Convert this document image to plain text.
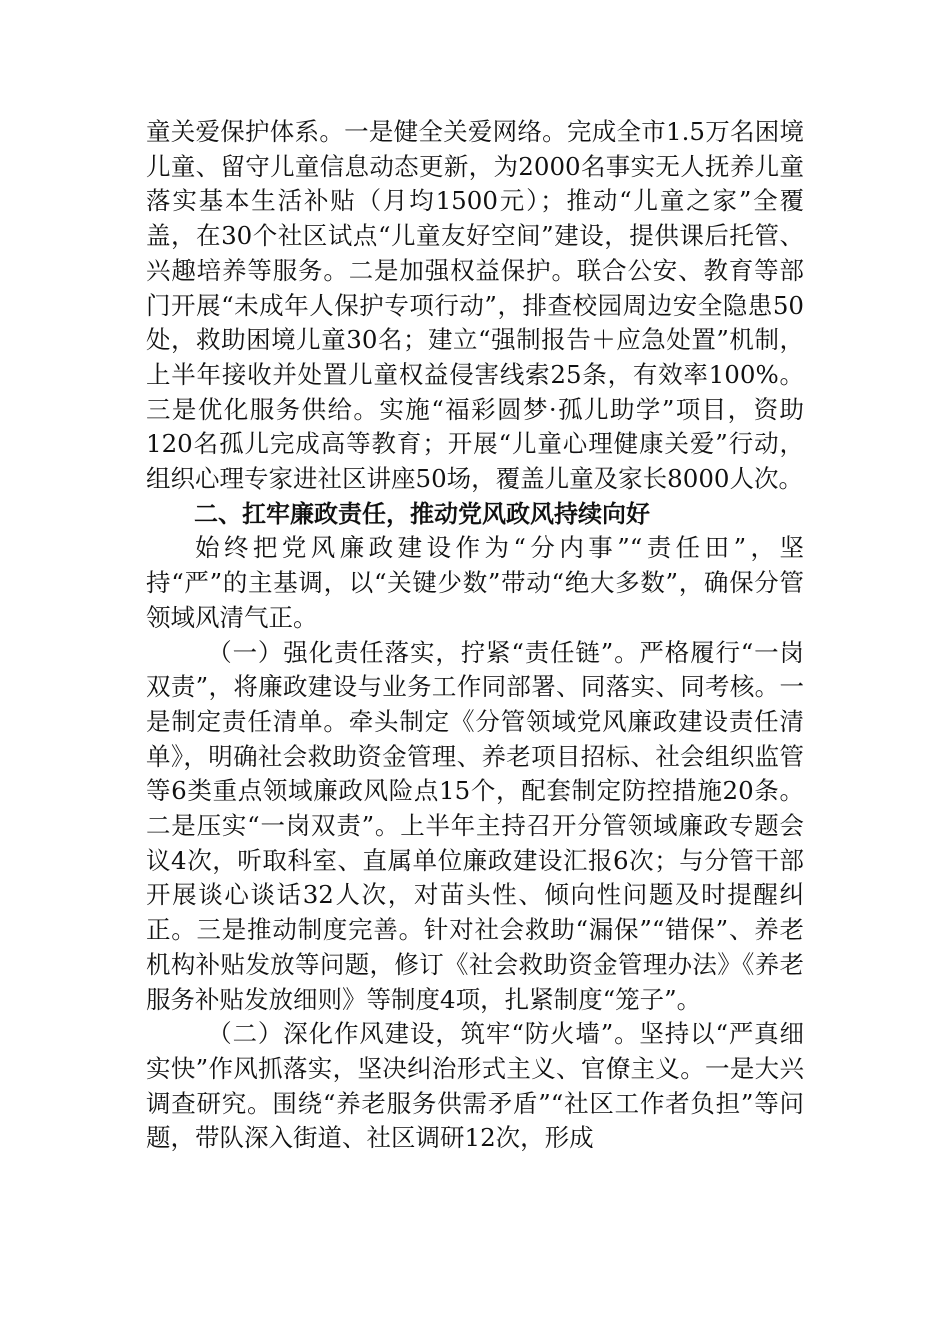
童关爱保护体系。一是健全关爱网络。完成全市1.5万名困境儿童、留守儿童信息动态更新，为2000名事实无人抚养儿童落实基本生活补贴（月均1500元）；推动“儿童之家”全覆盖，在30个社区试点“儿童友好空间”建设，提供课后托管、兴趣培养等服务。二是加强权益保护。联合公安、教育等部门开展“未成年人保护专项行动”，排查校园周边安全隐患50处，救助困境儿童30名；建立“强制报告＋应急处置”机制，上半年接收并处置儿童权益侵害线索25条，有效率100%。三是优化服务供给。实施“福彩圆梦·孤儿助学”项目，资助120名孤儿完成高等教育；开展“儿童心理健康关爱”行动，组织心理专家进社区讲座50场，覆盖儿童及家长8000人次。

二、扛牢廉政责任，推动党风政风持续向好

始终把党风廉政建设作为“分内事”“责任田”，坚持“严”的主基调，以“关键少数”带动“绝大多数”，确保分管领域风清气正。

（一）强化责任落实，拧紧“责任链”。严格履行“一岗双责”，将廉政建设与业务工作同部署、同落实、同考核。一是制定责任清单。牵头制定《分管领域党风廉政建设责任清单》，明确社会救助资金管理、养老项目招标、社会组织监管等6类重点领域廉政风险点15个，配套制定防控措施20条。二是压实“一岗双责”。上半年主持召开分管领域廉政专题会议4次，听取科室、直属单位廉政建设汇报6次；与分管干部开展谈心谈话32人次，对苗头性、倾向性问题及时提醒纠正。三是推动制度完善。针对社会救助“漏保”“错保”、养老机构补贴发放等问题，修订《社会救助资金管理办法》《养老服务补贴发放细则》等制度4项，扎紧制度“笼子”。

（二）深化作风建设，筑牢“防火墙”。坚持以“严真细实快”作风抓落实，坚决纠治形式主义、官僚主义。一是大兴调查研究。围绕“养老服务供需矛盾”“社区工作者负担”等问题，带队深入街道、社区调研12次，形成
